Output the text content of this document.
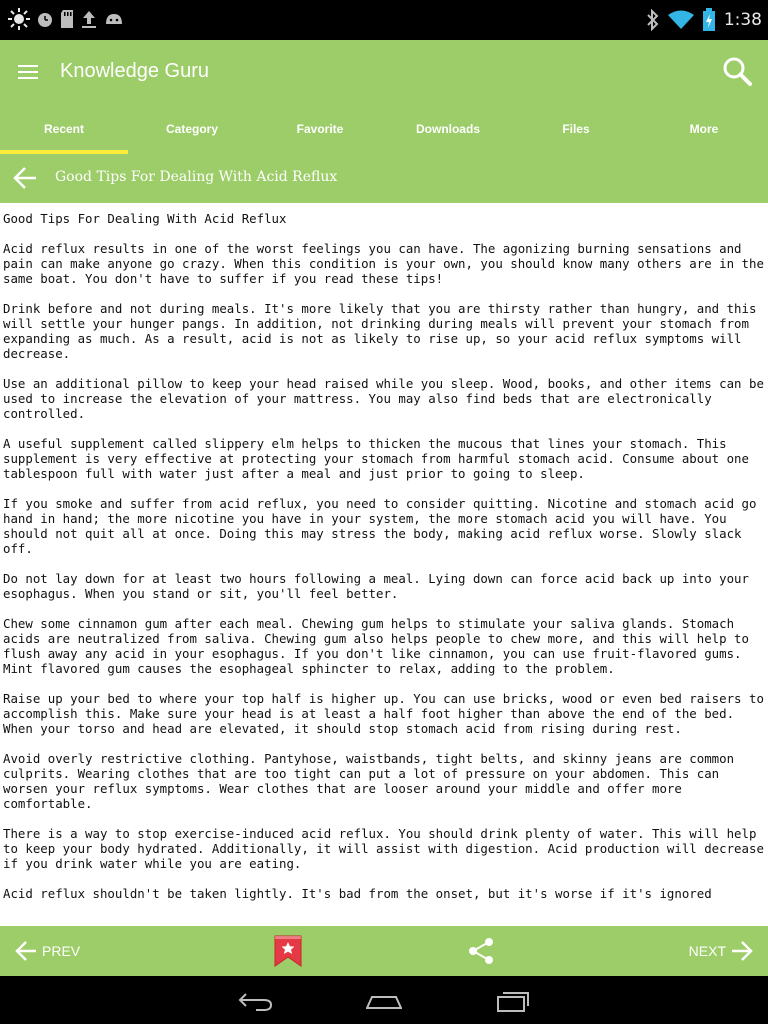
1:38
Knowledge Guru
Recent	Category	Favorite	Downloads	Files	More
Good Tips For Dealing With Acid Reflux
Good Tips For Dealing With Acid Reflux

Acid reflux results in one of the worst feelings you can have. The agonizing burning sensations and pain can make anyone go crazy. When this condition is your own, you should know many others are in the same boat. You don't have to suffer if you read these tips!

Drink before and not during meals. It's more likely that you are thirsty rather than hungry, and this will settle your hunger pangs. In addition, not drinking during meals will prevent your stomach from expanding as much. As a result, acid is not as likely to rise up, so your acid reflux symptoms will decrease.

Use an additional pillow to keep your head raised while you sleep. Wood, books, and other items can be used to increase the elevation of your mattress. You may also find beds that are electronically controlled.

A useful supplement called slippery elm helps to thicken the mucous that lines your stomach. This supplement is very effective at protecting your stomach from harmful stomach acid. Consume about one tablespoon full with water just after a meal and just prior to going to sleep.

If you smoke and suffer from acid reflux, you need to consider quitting. Nicotine and stomach acid go hand in hand; the more nicotine you have in your system, the more stomach acid you will have. You should not quit all at once. Doing this may stress the body, making acid reflux worse. Slowly slack off.

Do not lay down for at least two hours following a meal. Lying down can force acid back up into your esophagus. When you stand or sit, you'll feel better.

Chew some cinnamon gum after each meal. Chewing gum helps to stimulate your saliva glands. Stomach acids are neutralized from saliva. Chewing gum also helps people to chew more, and this will help to flush away any acid in your esophagus. If you don't like cinnamon, you can use fruit-flavored gums. Mint flavored gum causes the esophageal sphincter to relax, adding to the problem.

Raise up your bed to where your top half is higher up. You can use bricks, wood or even bed raisers to accomplish this. Make sure your head is at least a half foot higher than above the end of the bed. When your torso and head are elevated, it should stop stomach acid from rising during rest.

Avoid overly restrictive clothing. Pantyhose, waistbands, tight belts, and skinny jeans are common culprits. Wearing clothes that are too tight can put a lot of pressure on your abdomen. This can worsen your reflux symptoms. Wear clothes that are looser around your middle and offer more comfortable.

There is a way to stop exercise-induced acid reflux. You should drink plenty of water. This will help to keep your body hydrated. Additionally, it will assist with digestion. Acid production will decrease if you drink water while you are eating.

Acid reflux shouldn't be taken lightly. It's bad from the onset, but it's worse if it's ignored
PREV	NEXT
